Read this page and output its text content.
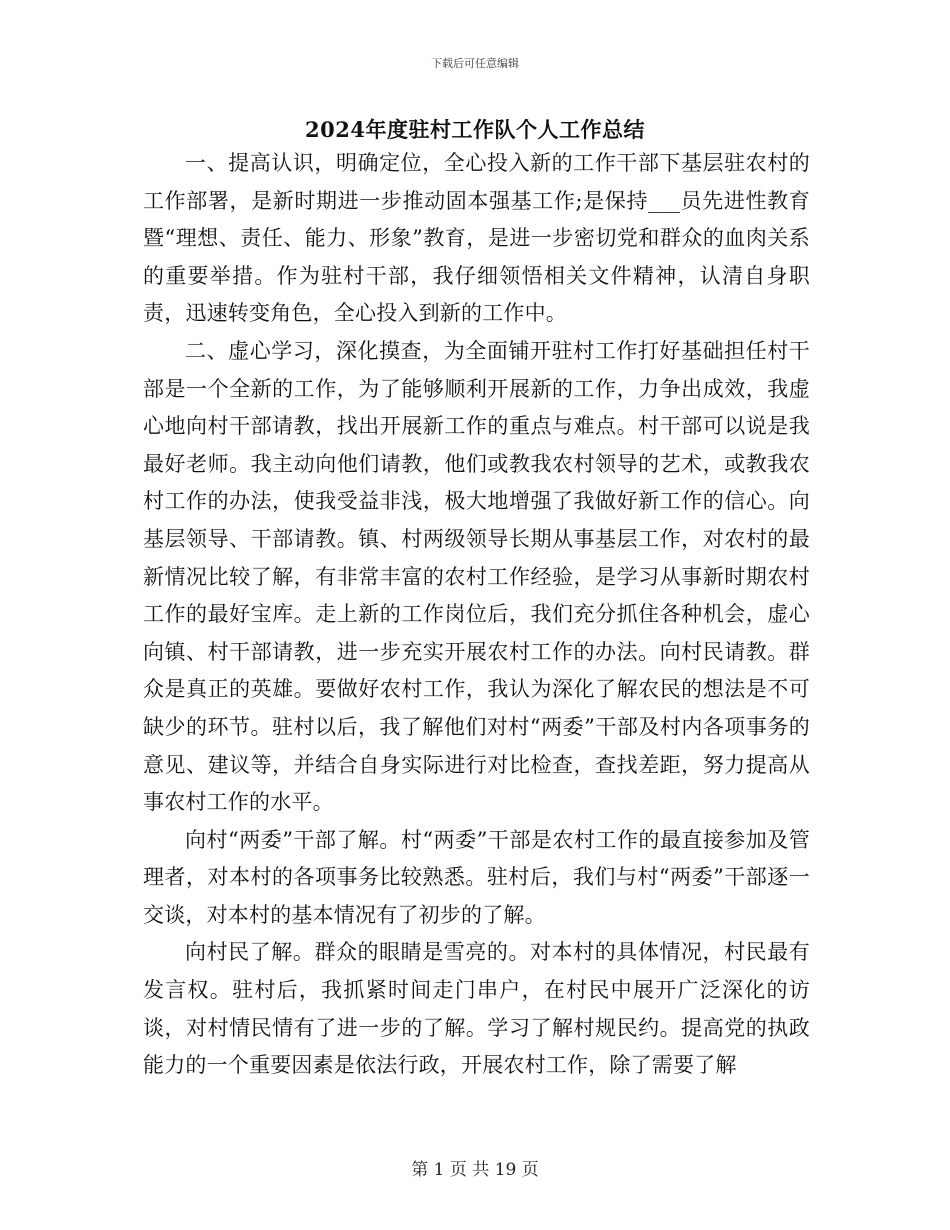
下载后可任意编辑
2024年度驻村工作队个人工作总结

一、提高认识，明确定位，全心投入新的工作干部下基层驻农村的工作部署，是新时期进一步推动固本强基工作;是保持___员先进性教育暨“理想、责任、能力、形象”教育，是进一步密切党和群众的血肉关系的重要举措。作为驻村干部，我仔细领悟相关文件精神，认清自身职责，迅速转变角色，全心投入到新的工作中。

二、虚心学习，深化摸查，为全面铺开驻村工作打好基础担任村干部是一个全新的工作，为了能够顺利开展新的工作，力争出成效，我虚心地向村干部请教，找出开展新工作的重点与难点。村干部可以说是我最好老师。我主动向他们请教，他们或教我农村领导的艺术，或教我农村工作的办法，使我受益非浅，极大地增强了我做好新工作的信心。向基层领导、干部请教。镇、村两级领导长期从事基层工作，对农村的最新情况比较了解，有非常丰富的农村工作经验，是学习从事新时期农村工作的最好宝库。走上新的工作岗位后，我们充分抓住各种机会，虚心向镇、村干部请教，进一步充实开展农村工作的办法。向村民请教。群众是真正的英雄。要做好农村工作，我认为深化了解农民的想法是不可缺少的环节。驻村以后，我了解他们对村“两委”干部及村内各项事务的意见、建议等，并结合自身实际进行对比检查，查找差距，努力提高从事农村工作的水平。

向村“两委”干部了解。村“两委”干部是农村工作的最直接参加及管理者，对本村的各项事务比较熟悉。驻村后，我们与村“两委”干部逐一交谈，对本村的基本情况有了初步的了解。

向村民了解。群众的眼睛是雪亮的。对本村的具体情况，村民最有发言权。驻村后，我抓紧时间走门串户，在村民中展开广泛深化的访谈，对村情民情有了进一步的了解。学习了解村规民约。提高党的执政能力的一个重要因素是依法行政，开展农村工作，除了需要了解

第 1 页 共 19 页
